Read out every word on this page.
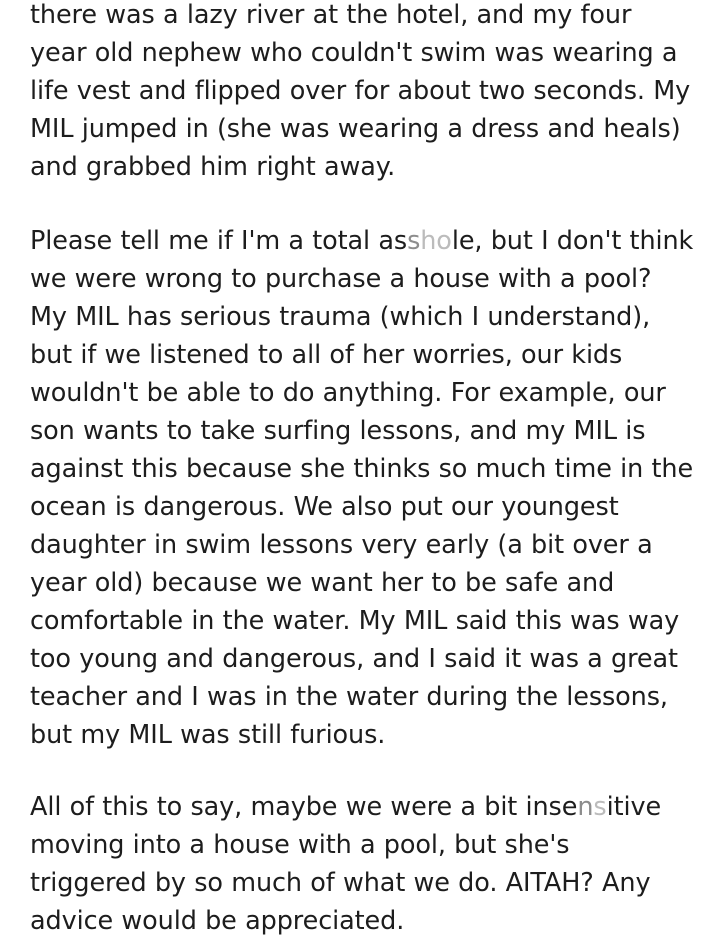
there was a lazy river at the hotel, and my four year old nephew who couldn't swim was wearing a life vest and flipped over for about two seconds. My MIL jumped in (she was wearing a dress and heals) and grabbed him right away.

Please tell me if I'm a total asshole, but I don't think we were wrong to purchase a house with a pool? My MIL has serious trauma (which I understand), but if we listened to all of her worries, our kids wouldn't be able to do anything. For example, our son wants to take surfing lessons, and my MIL is against this because she thinks so much time in the ocean is dangerous. We also put our youngest daughter in swim lessons very early (a bit over a year old) because we want her to be safe and comfortable in the water. My MIL said this was way too young and dangerous, and I said it was a great teacher and I was in the water during the lessons, but my MIL was still furious.

All of this to say, maybe we were a bit insensitive moving into a house with a pool, but she's triggered by so much of what we do. AITAH? Any advice would be appreciated.
